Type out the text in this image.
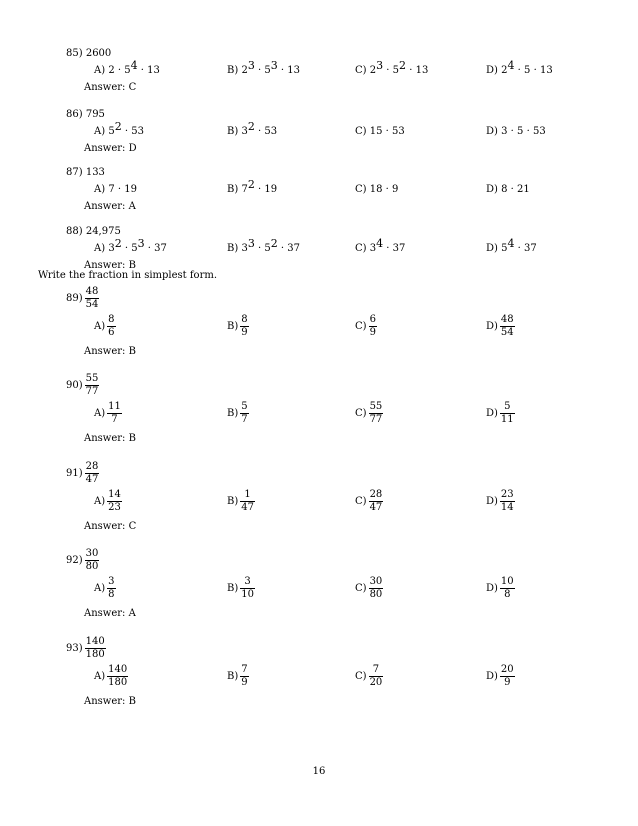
Write the fraction in simplest form.
16
85) 2600
A) $2 \cdot 5^4 \cdot 13$	B) $2^3 \cdot 5^3 \cdot 13$	C) $2^3 \cdot 5^2 \cdot 13$	D) $2^4 \cdot 5 \cdot 13$
Answer: C
86) 795
A) $5^2 \cdot 53$	B) $3^2 \cdot 53$	C) 15 · 53	D) 3 · 5 · 53
Answer: D
87) 133
A) 7 · 19	B) $7^2 \cdot 19$	C) 18 · 9	D) 8 · 21
Answer: A
88) 24,975
A) $3^2 \cdot 5^3 \cdot 37$	B) $3^3 \cdot 5^2 \cdot 37$	C) $3^4 \cdot 37$	D) $5^4 \cdot 37$
Answer: B
$89) \frac{48}{54}$
$A) \frac{8}{6}$	$B) \frac{8}{9}$	$C) \frac{6}{9}$	$D) \frac{48}{54}$
Answer: B
$90) \frac{55}{77}$
$A) \frac{11}{7}$	$B) \frac{5}{7}$	$C) \frac{55}{77}$	$D) \frac{5}{11}$
Answer: B
$91) \frac{28}{47}$
$A) \frac{14}{23}$	$B) \frac{1}{47}$	$C) \frac{28}{47}$	$D) \frac{23}{14}$
Answer: C
$92) \frac{30}{80}$
$A) \frac{3}{8}$	$B) \frac{3}{10}$	$C) \frac{30}{80}$	$D) \frac{10}{8}$
Answer: A
$93) \frac{140}{180}$
$A) \frac{140}{180}$	$B) \frac{7}{9}$	$C) \frac{7}{20}$	$D) \frac{20}{9}$
Answer: B
